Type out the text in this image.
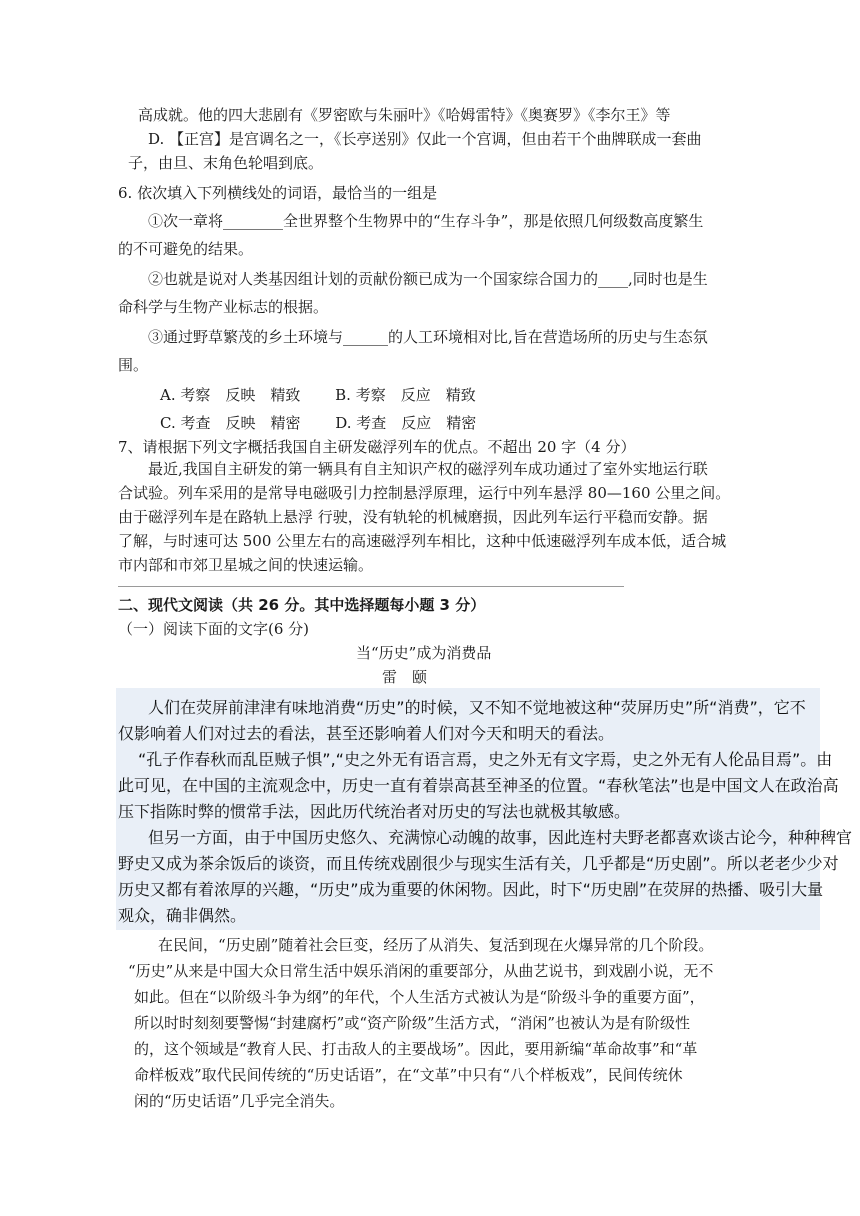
高成就。他的四大悲剧有《罗密欧与朱丽叶》《哈姆雷特》《奥赛罗》《李尔王》等
D. 【正宫】是宫调名之一，《长亭送别》仅此一个宫调，但由若干个曲牌联成一套曲
子，由旦、末角色轮唱到底。
6. 依次填入下列横线处的词语，最恰当的一组是
①次一章将________全世界整个生物界中的“生存斗争”，那是依照几何级数高度繁生
的不可避免的结果。
②也就是说对人类基因组计划的贡献份额已成为一个国家综合国力的____,同时也是生
命科学与生物产业标志的根据。
③通过野草繁茂的乡土环境与______的人工环境相对比,旨在营造场所的历史与生态氛
围。
A. 考察　反映　精致　　 B. 考察　反应　精致
C. 考查　反映　精密　　 D. 考查　反应　精密
7、请根据下列文字概括我国自主研发磁浮列车的优点。不超出 20 字（4 分）
最近,我国自主研发的第一辆具有自主知识产权的磁浮列车成功通过了室外实地运行联
合试验。列车采用的是常导电磁吸引力控制悬浮原理，运行中列车悬浮 80—160 公里之间。
由于磁浮列车是在路轨上悬浮 行驶，没有轨轮的机械磨损，因此列车运行平稳而安静。据
了解，与时速可达 500 公里左右的高速磁浮列车相比，这种中低速磁浮列车成本低，适合城
市内部和市郊卫星城之间的快速运输。
二、现代文阅读（共 26 分。其中选择题每小题 3 分）
（一）阅读下面的文字(6 分)
当“历史”成为消费品
雷　颐
人们在荧屏前津津有味地消费“历史”的时候，又不知不觉地被这种“荧屏历史”所“消费”，它不
仅影响着人们对过去的看法，甚至还影响着人们对今天和明天的看法。
“孔子作春秋而乱臣贼子惧”,“史之外无有语言焉，史之外无有文字焉，史之外无有人伦品目焉”。由
此可见，在中国的主流观念中，历史一直有着崇高甚至神圣的位置。“春秋笔法”也是中国文人在政治高
压下指陈时弊的惯常手法，因此历代统治者对历史的写法也就极其敏感。
但另一方面，由于中国历史悠久、充满惊心动魄的故事，因此连村夫野老都喜欢谈古论今，种种稗官
野史又成为茶余饭后的谈资，而且传统戏剧很少与现实生活有关，几乎都是“历史剧”。所以老老少少对
历史又都有着浓厚的兴趣，“历史”成为重要的休闲物。因此，时下“历史剧”在荧屏的热播、吸引大量
观众，确非偶然。
在民间，“历史剧”随着社会巨变，经历了从消失、复活到现在火爆异常的几个阶段。
“历史”从来是中国大众日常生活中娱乐消闲的重要部分，从曲艺说书，到戏剧小说，无不
如此。但在“以阶级斗争为纲”的年代，个人生活方式被认为是“阶级斗争的重要方面”，
所以时时刻刻要警惕“封建腐朽”或“资产阶级”生活方式，“消闲”也被认为是有阶级性
的，这个领域是“教育人民、打击敌人的主要战场”。因此，要用新编“革命故事”和“革
命样板戏”取代民间传统的“历史话语”，在“文革”中只有“八个样板戏”，民间传统休
闲的“历史话语”几乎完全消失。
